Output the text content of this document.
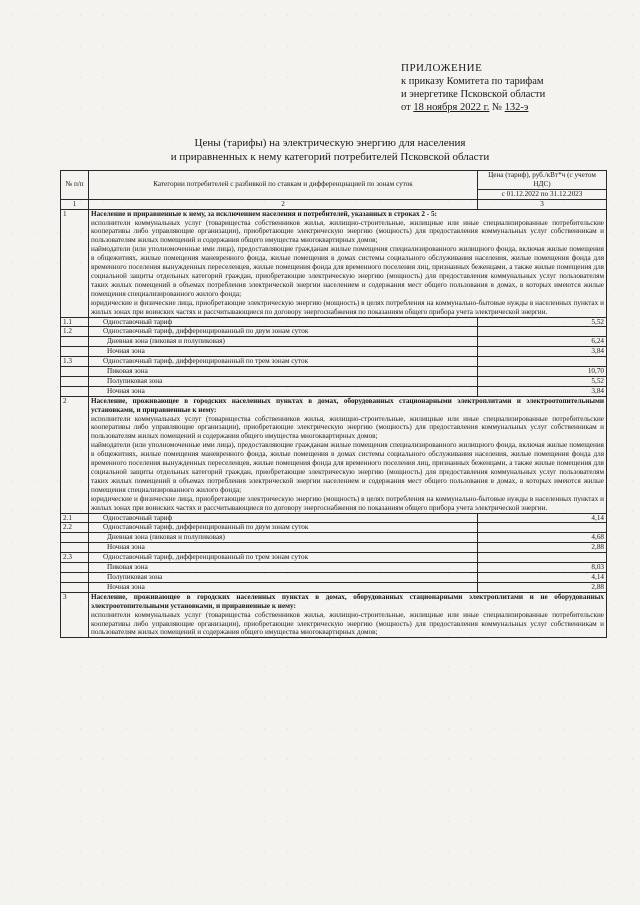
ПРИЛОЖЕНИЕ
к приказу Комитета по тарифам
и энергетике Псковской области
от 18 ноября 2022 г. № 132-э
Цены (тарифы) на электрическую энергию для населения
и приравненных к нему категорий потребителей Псковской области
№ п/п	Категории потребителей с разбивкой по ставкам и дифференциацией по зонам суток	Цена (тариф), руб./кВт*ч (с учетом НДС)
		с 01.12.2022 по 31.12.2023
1	2	3
1	Население и приравненные к нему, за исключением населения и потребителей, указанных в строках 2 - 5:

исполнители коммунальных услуг (товарищества собственников жилья, жилищно-строительные, жилищные или иные специализированные потребительские кооперативы либо управляющие организации), приобретающие электрическую энергию (мощность) для предоставления коммунальных услуг собственникам и пользователям жилых помещений и содержания общего имущества многоквартирных домов;

наймодатели (или уполномоченные ими лица), предоставляющие гражданам жилые помещения специализированного жилищного фонда, включая жилые помещения в общежитиях, жилые помещения маневренного фонда, жилые помещения в домах системы социального обслуживания населения, жилые помещения фонда для временного поселения вынужденных переселенцев, жилые помещения фонда для временного поселения лиц, признанных беженцами, а также жилые помещения для социальной защиты отдельных категорий граждан, приобретающие электрическую энергию (мощность) для предоставления коммунальных услуг пользователям таких жилых помещений в объемах потребления электрической энергии населением и содержания мест общего пользования в домах, в которых имеются жилые помещения специализированного жилого фонда;

юридические и физические лица, приобретающие электрическую энергию (мощность) в целях потребления на коммунально-бытовые нужды в населенных пунктах и жилых зонах при воинских частях и рассчитывающиеся по договору энергоснабжения по показаниям общего прибора учета электрической энергии.	

1.1	Одноставочный тариф	5,52
1.2	Одноставочный тариф, дифференцированный по двум зонам суток	
	Дневная зона (пиковая и полупиковая)	6,24
	Ночная зона	3,84
1.3	Одноставочный тариф, дифференцированный по трем зонам суток	
	Пиковая зона	10,70
	Полупиковая зона	5,52
	Ночная зона	3,84
2	Население, проживающее в городских населенных пунктах в домах, оборудованных стационарными электроплитами и электроотопительными установками, и приравненные к нему:

исполнители коммунальных услуг (товарищества собственников жилья, жилищно-строительные, жилищные или иные специализированные потребительские кооперативы либо управляющие организации), приобретающие электрическую энергию (мощность) для предоставления коммунальных услуг собственникам и пользователям жилых помещений и содержания общего имущества многоквартирных домов;

наймодатели (или уполномоченные ими лица), предоставляющие гражданам жилые помещения специализированного жилищного фонда, включая жилые помещения в общежитиях, жилые помещения маневренного фонда, жилые помещения в домах системы социального обслуживания населения, жилые помещения фонда для временного поселения вынужденных переселенцев, жилые помещения фонда для временного поселения лиц, признанных беженцами, а также жилые помещения для социальной защиты отдельных категорий граждан, приобретающие электрическую энергию (мощность) для предоставления коммунальных услуг пользователям таких жилых помещений в объемах потребления электрической энергии населением и содержания мест общего пользования в домах, в которых имеются жилые помещения специализированного жилого фонда;

юридические и физические лица, приобретающие электрическую энергию (мощность) в целях потребления на коммунально-бытовые нужды в населенных пунктах и жилых зонах при воинских частях и рассчитывающиеся по договору энергоснабжения по показаниям общего прибора учета электрической энергии.	

2.1	Одноставочный тариф	4,14
2.2	Одноставочный тариф, дифференцированный по двум зонам суток	
	Дневная зона (пиковая и полупиковая)	4,68
	Ночная зона	2,88
2.3	Одноставочный тариф, дифференцированный по трем зонам суток	
	Пиковая зона	8,03
	Полупиковая зона	4,14
	Ночная зона	2,88
3	Население, проживающее в городских населенных пунктах в домах, оборудованных стационарными электроплитами и не оборудованных электроотопительными установками, и приравненные к нему:

исполнители коммунальных услуг (товарищества собственников жилья, жилищно-строительные, жилищные или иные специализированные потребительские кооперативы либо управляющие организации), приобретающие электрическую энергию (мощность) для предоставления коммунальных услуг собственникам и пользователям жилых помещений и содержания общего имущества многоквартирных домов;	
